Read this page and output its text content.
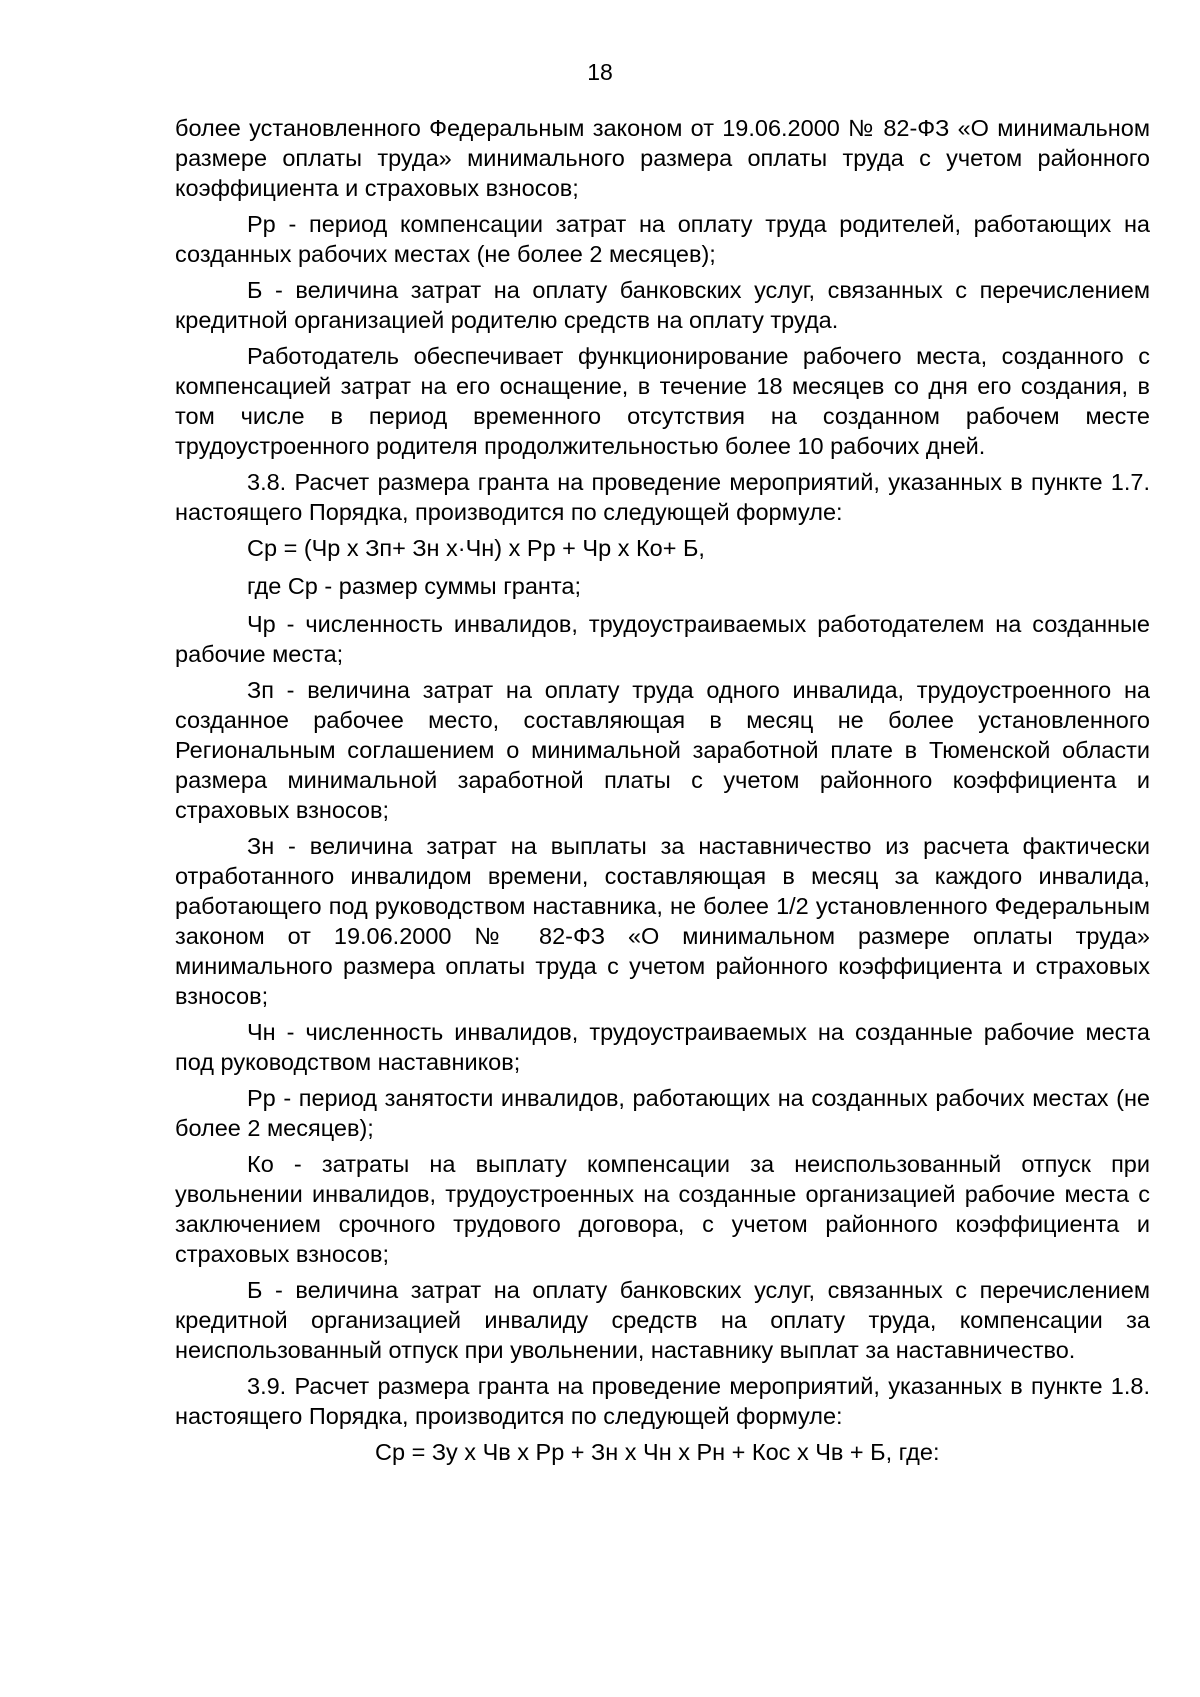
18

более установленного Федеральным законом от 19.06.2000 № 82-ФЗ «О минимальном размере оплаты труда» минимального размера оплаты труда с учетом районного коэффициента и страховых взносов;

Рр - период компенсации затрат на оплату труда родителей, работающих на созданных рабочих местах (не более 2 месяцев);

Б - величина затрат на оплату банковских услуг, связанных с перечислением кредитной организацией родителю средств на оплату труда.

Работодатель обеспечивает функционирование рабочего места, созданного с компенсацией затрат на его оснащение, в течение 18 месяцев со дня его создания, в том числе в период временного отсутствия на созданном рабочем месте трудоустроенного родителя продолжительностью более 10 рабочих дней.

3.8. Расчет размера гранта на проведение мероприятий, указанных в пункте 1.7. настоящего Порядка, производится по следующей формуле:

Ср = (Чр х Зп+ Зн х·Чн) х Рр + Чр х Ко+ Б,

где Ср - размер суммы гранта;

Чр - численность инвалидов, трудоустраиваемых работодателем на созданные рабочие места;

Зп - величина затрат на оплату труда одного инвалида, трудоустроенного на созданное рабочее место, составляющая в месяц не более установленного Региональным соглашением о минимальной заработной плате в Тюменской области размера минимальной заработной платы с учетом районного коэффициента и страховых взносов;

Зн - величина затрат на выплаты за наставничество из расчета фактически отработанного инвалидом времени, составляющая в месяц за каждого инвалида, работающего под руководством наставника, не более 1/2 установленного Федеральным законом от 19.06.2000 № 82-ФЗ «О минимальном размере оплаты труда» минимального размера оплаты труда с учетом районного коэффициента и страховых взносов;

Чн - численность инвалидов, трудоустраиваемых на созданные рабочие места под руководством наставников;

Рр - период занятости инвалидов, работающих на созданных рабочих местах (не более 2 месяцев);

Ко - затраты на выплату компенсации за неиспользованный отпуск при увольнении инвалидов, трудоустроенных на созданные организацией рабочие места с заключением срочного трудового договора, с учетом районного коэффициента и страховых взносов;

Б - величина затрат на оплату банковских услуг, связанных с перечислением кредитной организацией инвалиду средств на оплату труда, компенсации за неиспользованный отпуск при увольнении, наставнику выплат за наставничество.

3.9. Расчет размера гранта на проведение мероприятий, указанных в пункте 1.8. настоящего Порядка, производится по следующей формуле:

Ср = Зу х Чв х Рр + Зн х Чн х Рн + Кос х Чв + Б, где:
